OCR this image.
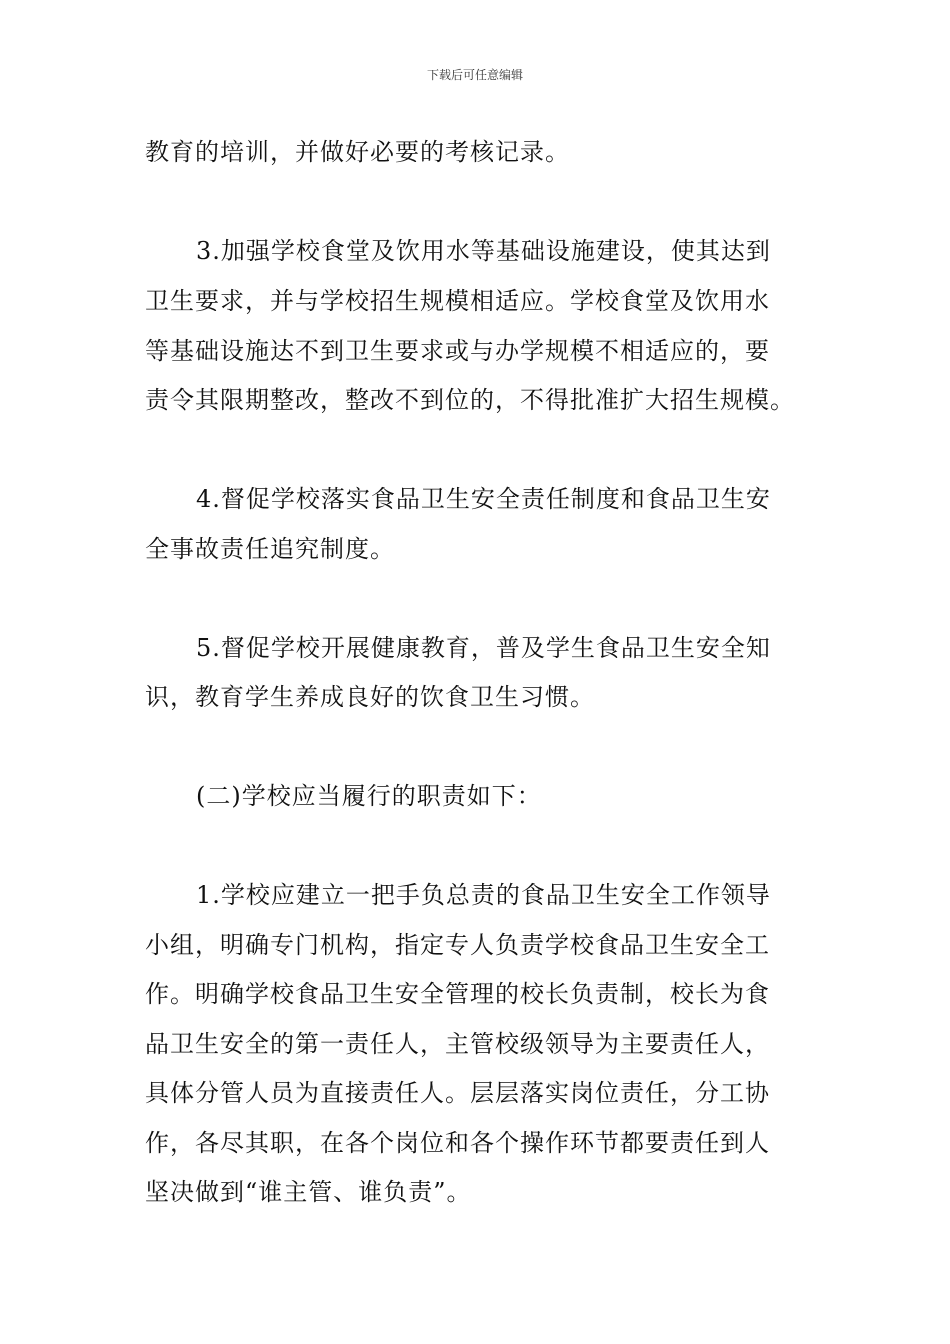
下载后可任意编辑
教育的培训，并做好必要的考核记录。
3.加强学校食堂及饮用水等基础设施建设，使其达到
卫生要求，并与学校招生规模相适应。学校食堂及饮用水
等基础设施达不到卫生要求或与办学规模不相适应的，要
责令其限期整改，整改不到位的，不得批准扩大招生规模。
4.督促学校落实食品卫生安全责任制度和食品卫生安
全事故责任追究制度。
5.督促学校开展健康教育，普及学生食品卫生安全知
识，教育学生养成良好的饮食卫生习惯。
(二)学校应当履行的职责如下：
1.学校应建立一把手负总责的食品卫生安全工作领导
小组，明确专门机构，指定专人负责学校食品卫生安全工
作。明确学校食品卫生安全管理的校长负责制，校长为食
品卫生安全的第一责任人，主管校级领导为主要责任人，
具体分管人员为直接责任人。层层落实岗位责任，分工协
作，各尽其职，在各个岗位和各个操作环节都要责任到人
坚决做到“谁主管、谁负责”。
